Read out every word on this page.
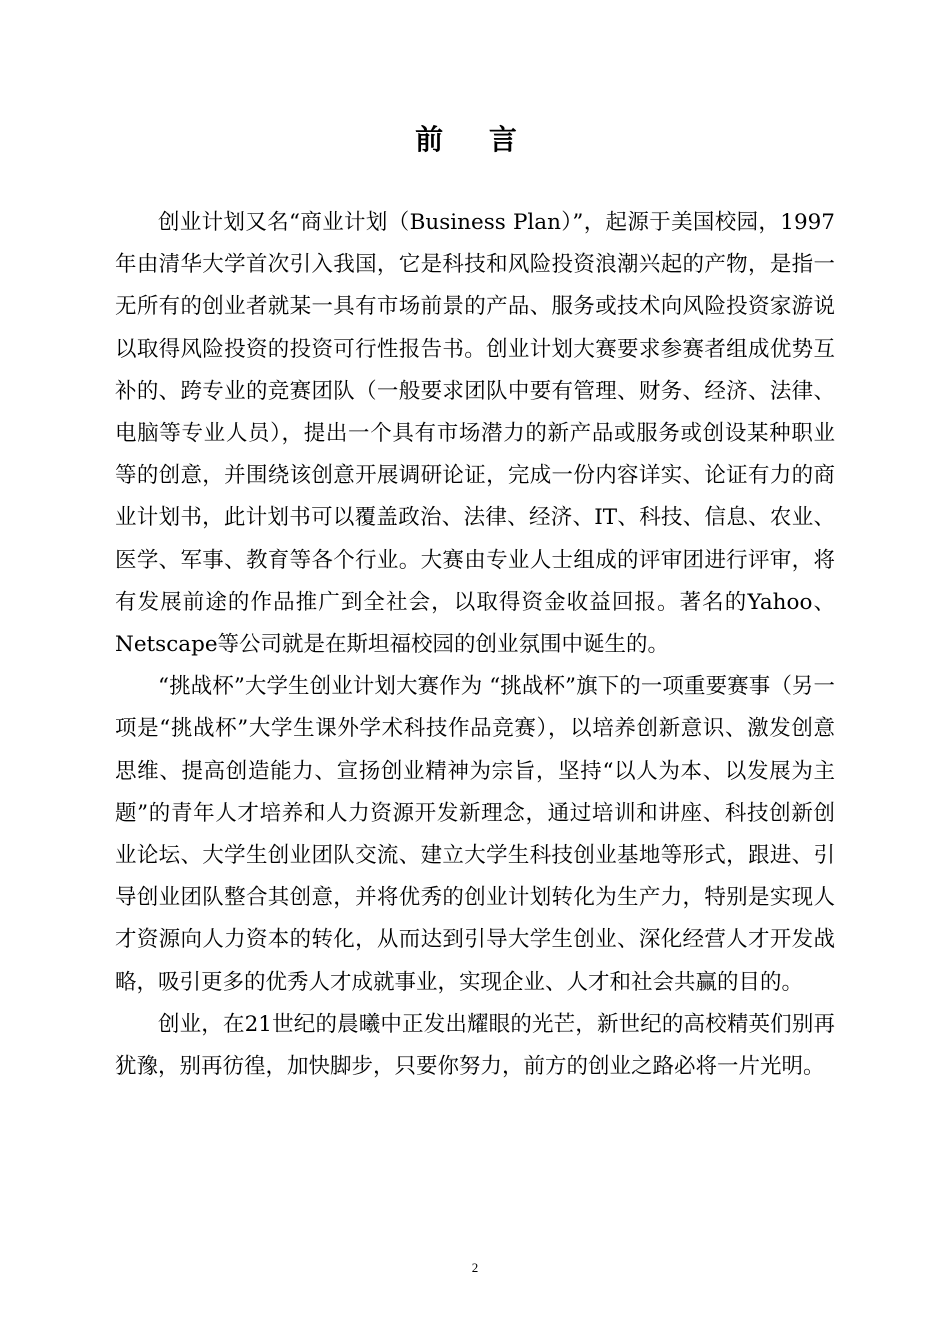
前 言

创业计划又名“商业计划（Business Plan）”，起源于美国校园，1997年由清华大学首次引入我国，它是科技和风险投资浪潮兴起的产物，是指一无所有的创业者就某一具有市场前景的产品、服务或技术向风险投资家游说以取得风险投资的投资可行性报告书。创业计划大赛要求参赛者组成优势互补的、跨专业的竞赛团队（一般要求团队中要有管理、财务、经济、法律、电脑等专业人员），提出一个具有市场潜力的新产品或服务或创设某种职业等的创意，并围绕该创意开展调研论证，完成一份内容详实、论证有力的商业计划书，此计划书可以覆盖政治、法律、经济、IT、科技、信息、农业、医学、军事、教育等各个行业。大赛由专业人士组成的评审团进行评审，将有发展前途的作品推广到全社会，以取得资金收益回报。著名的Yahoo、Netscape等公司就是在斯坦福校园的创业氛围中诞生的。

“挑战杯”大学生创业计划大赛作为 “挑战杯”旗下的一项重要赛事（另一项是“挑战杯”大学生课外学术科技作品竞赛），以培养创新意识、激发创意思维、提高创造能力、宣扬创业精神为宗旨，坚持“以人为本、以发展为主题”的青年人才培养和人力资源开发新理念，通过培训和讲座、科技创新创业论坛、大学生创业团队交流、建立大学生科技创业基地等形式，跟进、引导创业团队整合其创意，并将优秀的创业计划转化为生产力，特别是实现人才资源向人力资本的转化，从而达到引导大学生创业、深化经营人才开发战略，吸引更多的优秀人才成就事业，实现企业、人才和社会共赢的目的。

创业，在21世纪的晨曦中正发出耀眼的光芒，新世纪的高校精英们别再犹豫，别再彷徨，加快脚步，只要你努力，前方的创业之路必将一片光明。

2
